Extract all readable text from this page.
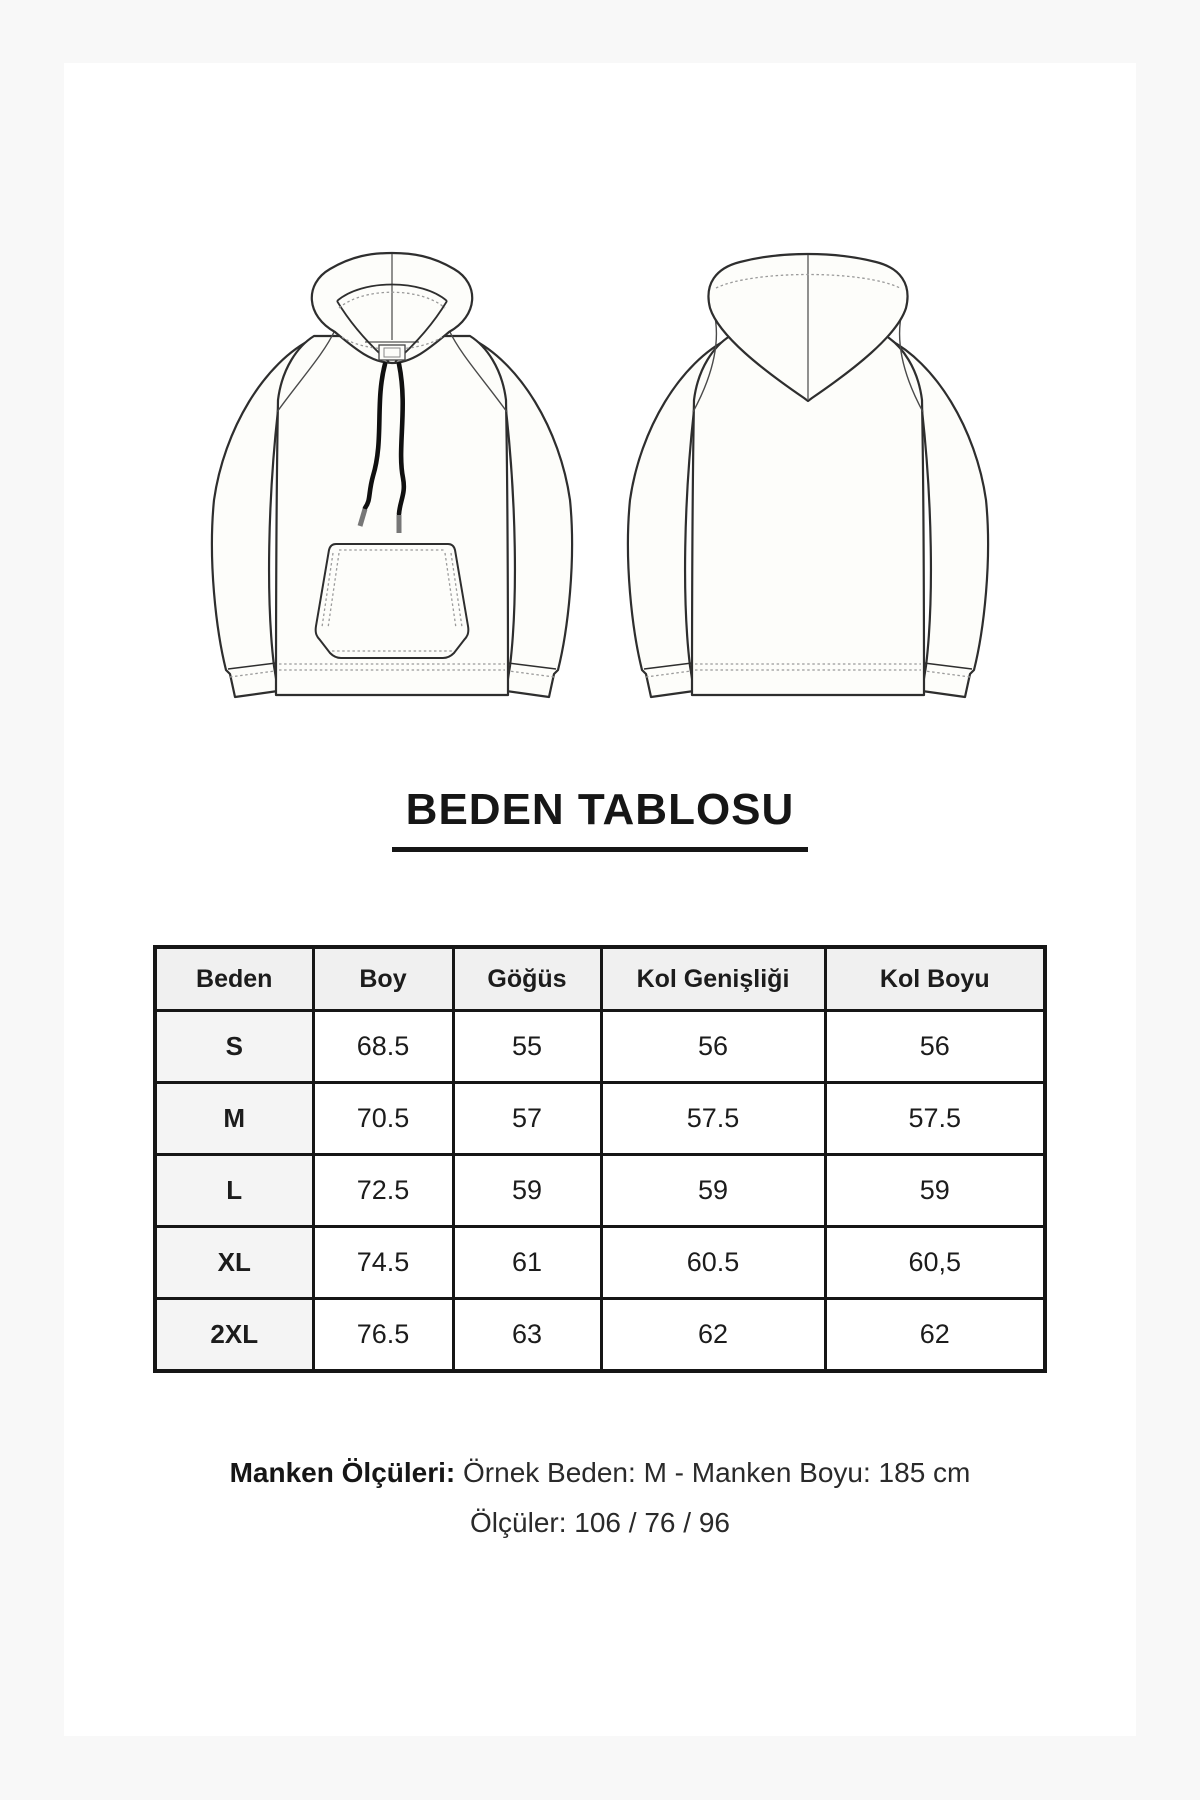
BEDEN TABLOSU
Beden	Boy	Göğüs	Kol Genişliği	Kol Boyu
S	68.5	55	56	56
M	70.5	57	57.5	57.5
L	72.5	59	59	59
XL	74.5	61	60.5	60,5
2XL	76.5	63	62	62

Manken Ölçüleri: Örnek Beden: M - Manken Boyu: 185 cm

Ölçüler: 106 / 76 / 96
